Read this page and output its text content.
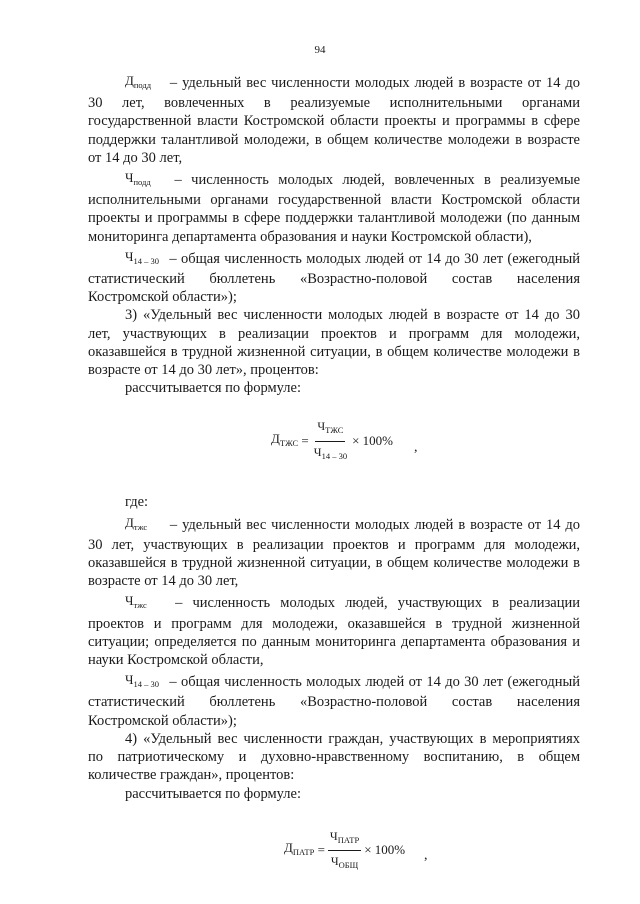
94

$Д_{подд}$ – удельный вес численности молодых людей в возрасте от 14 до 30 лет, вовлеченных в реализуемые исполнительными органами государственной власти Костромской области проекты и программы в сфере поддержки талантливой молодежи, в общем количестве молодежи в возрасте от 14 до 30 лет,

$Ч_{подд}$ – численность молодых людей, вовлеченных в реализуемые исполнительными органами государственной власти Костромской области проекты и программы в сфере поддержки талантливой молодежи (по данным мониторинга департамента образования и науки Костромской области),

$Ч_{14 - 30}$ – общая численность молодых людей от 14 до 30 лет (ежегодный статистический бюллетень «Возрастно-половой состав населения Костромской области»);

3) «Удельный вес численности молодых людей в возрасте от 14 до 30 лет, участвующих в реализации проектов и программ для молодежи, оказавшейся в трудной жизненной ситуации, в общем количестве молодежи в возрасте от 14 до 30 лет», процентов:

рассчитывается по формуле:

$Д_{ТЖС} = \frac{Ч_{ТЖС}}{Ч_{14 - 30}} \times 100\%$ ,

где:

$Д_{тжс}$ – удельный вес численности молодых людей в возрасте от 14 до 30 лет, участвующих в реализации проектов и программ для молодежи, оказавшейся в трудной жизненной ситуации, в общем количестве молодежи в возрасте от 14 до 30 лет,

$Ч_{тжс}$ – численность молодых людей, участвующих в реализации проектов и программ для молодежи, оказавшейся в трудной жизненной ситуации; определяется по данным мониторинга департамента образования и науки Костромской области,

$Ч_{14 - 30}$ – общая численность молодых людей от 14 до 30 лет (ежегодный статистический бюллетень «Возрастно-половой состав населения Костромской области»);

4) «Удельный вес численности граждан, участвующих в мероприятиях по патриотическому и духовно-нравственному воспитанию, в общем количестве граждан», процентов:

рассчитывается по формуле:

$Д_{ПАТР} = \frac{Ч_{ПАТР}}{Ч_{ОБЩ}} \times 100\%$ ,
